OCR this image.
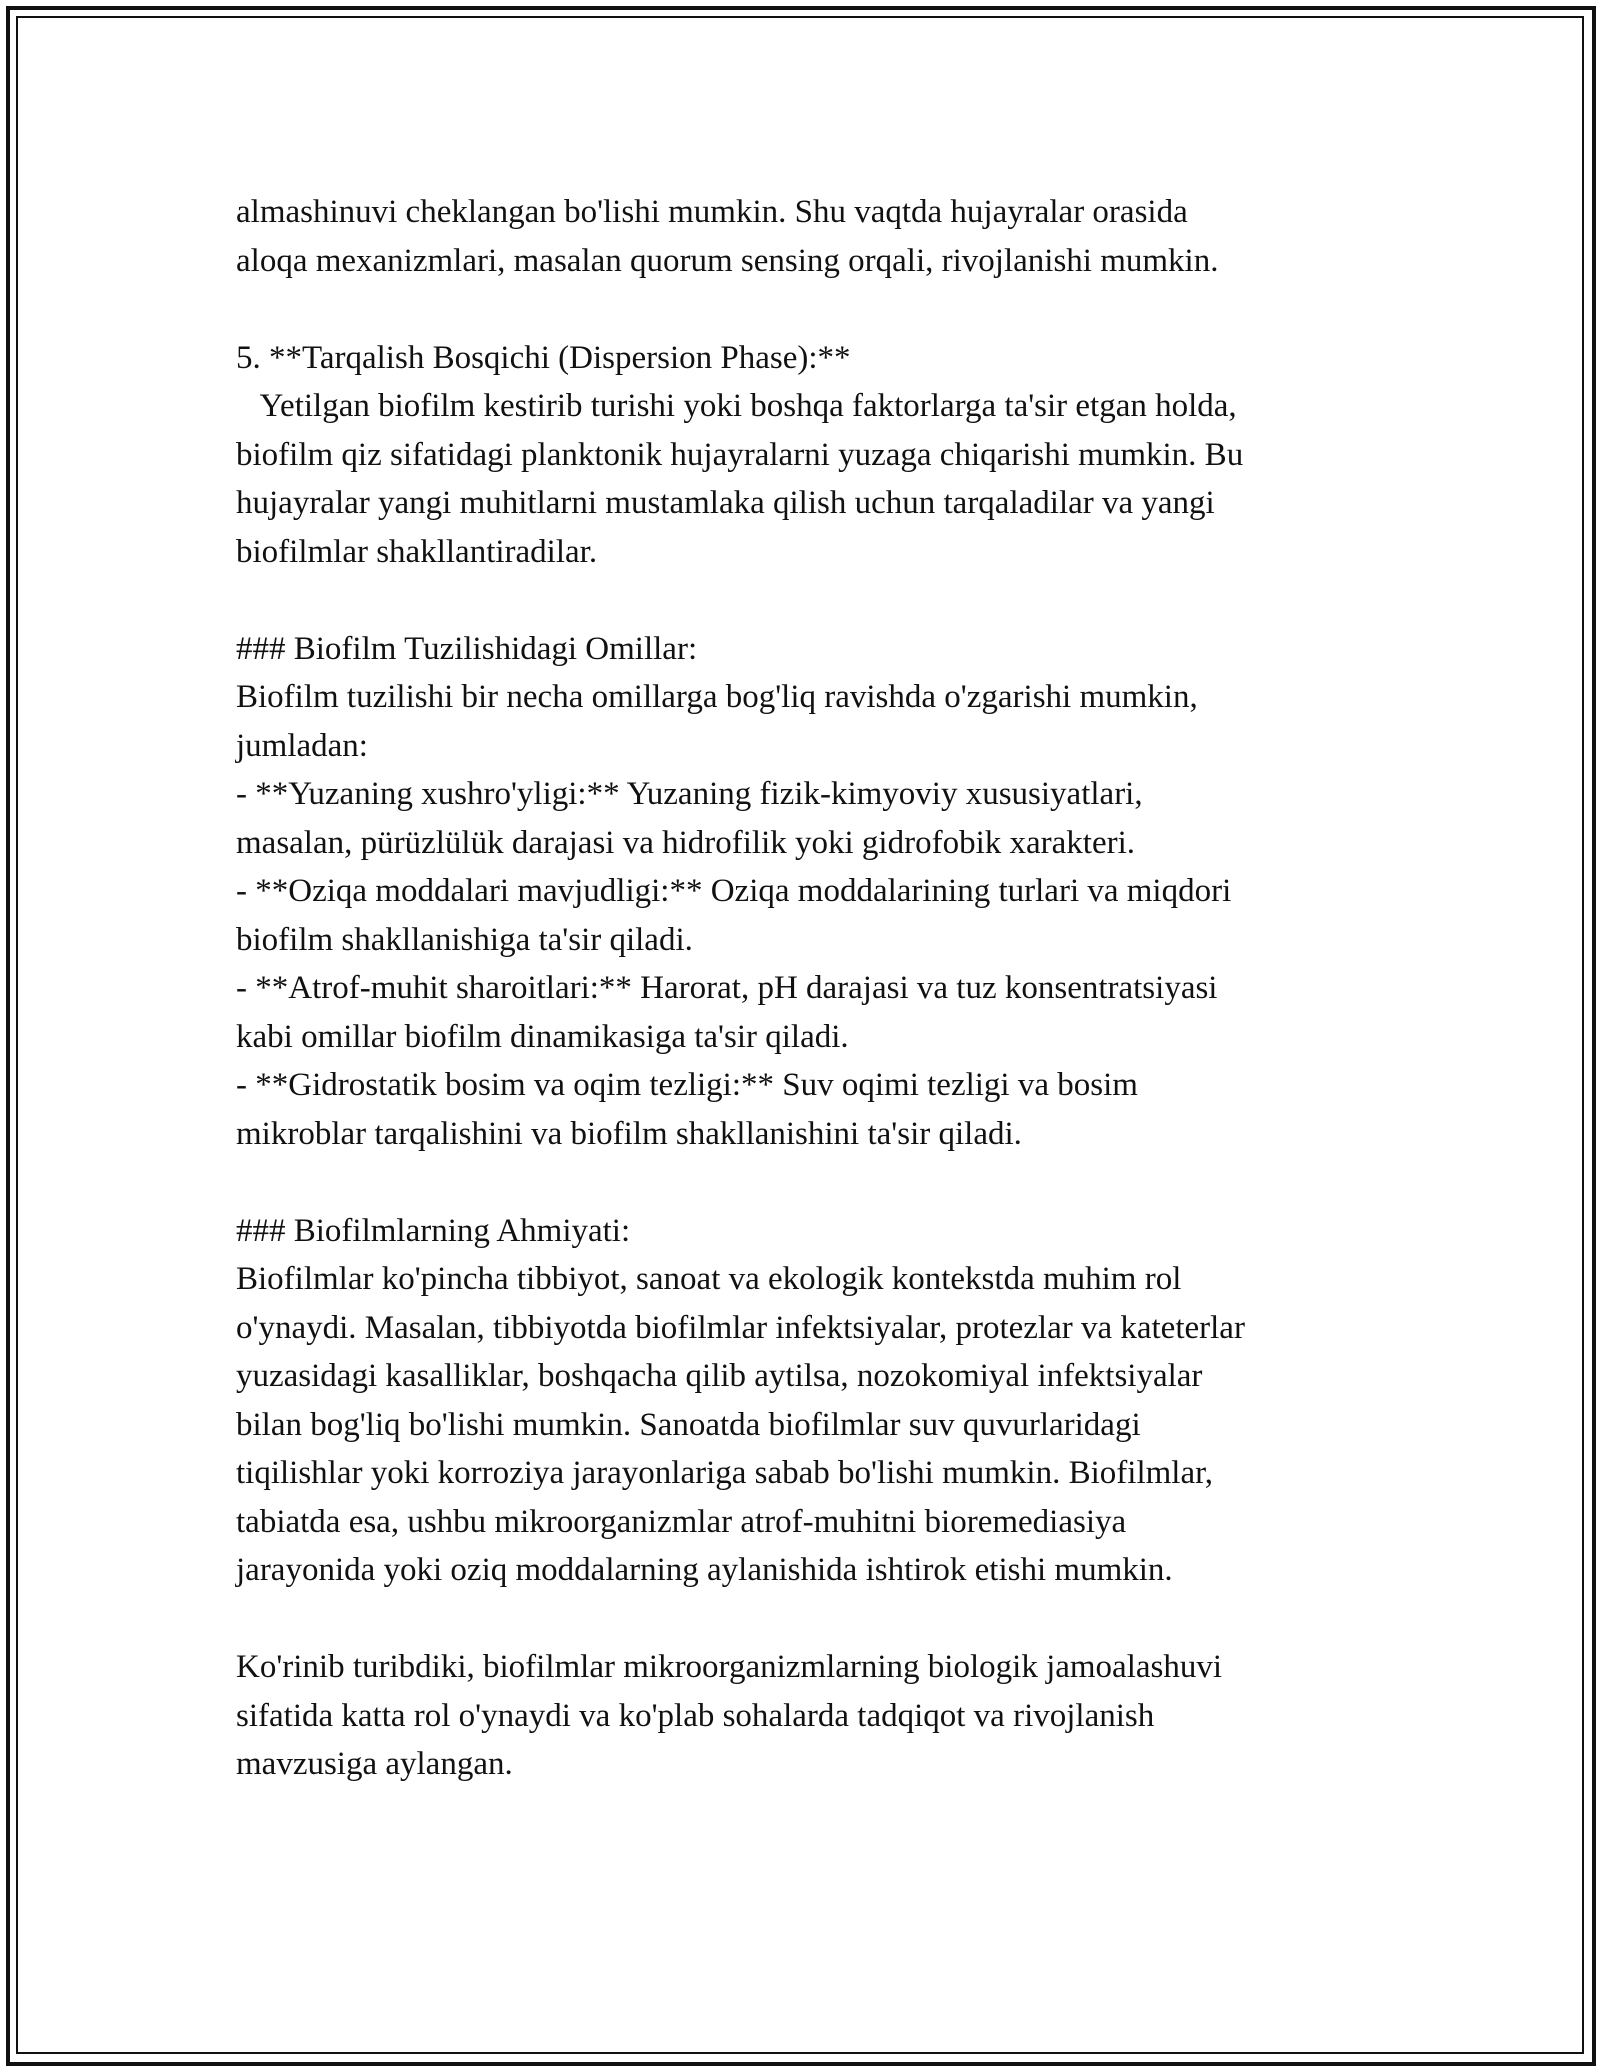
almashinuvi cheklangan bo'lishi mumkin. Shu vaqtda hujayralar orasida
aloqa mexanizmlari, masalan quorum sensing orqali, rivojlanishi mumkin.
5. **Tarqalish Bosqichi (Dispersion Phase):**
Yetilgan biofilm kestirib turishi yoki boshqa faktorlarga ta'sir etgan holda,
biofilm qiz sifatidagi planktonik hujayralarni yuzaga chiqarishi mumkin. Bu
hujayralar yangi muhitlarni mustamlaka qilish uchun tarqaladilar va yangi
biofilmlar shakllantiradilar.
### Biofilm Tuzilishidagi Omillar:
Biofilm tuzilishi bir necha omillarga bog'liq ravishda o'zgarishi mumkin,
jumladan:
- **Yuzaning xushro'yligi:** Yuzaning fizik-kimyoviy xususiyatlari,
masalan, pürüzlülük darajasi va hidrofilik yoki gidrofobik xarakteri.
- **Oziqa moddalari mavjudligi:** Oziqa moddalarining turlari va miqdori
biofilm shakllanishiga ta'sir qiladi.
- **Atrof-muhit sharoitlari:** Harorat, pH darajasi va tuz konsentratsiyasi
kabi omillar biofilm dinamikasiga ta'sir qiladi.
- **Gidrostatik bosim va oqim tezligi:** Suv oqimi tezligi va bosim
mikroblar tarqalishini va biofilm shakllanishini ta'sir qiladi.
### Biofilmlarning Ahmiyati:
Biofilmlar ko'pincha tibbiyot, sanoat va ekologik kontekstda muhim rol
o'ynaydi. Masalan, tibbiyotda biofilmlar infektsiyalar, protezlar va kateterlar
yuzasidagi kasalliklar, boshqacha qilib aytilsa, nozokomiyal infektsiyalar
bilan bog'liq bo'lishi mumkin. Sanoatda biofilmlar suv quvurlaridagi
tiqilishlar yoki korroziya jarayonlariga sabab bo'lishi mumkin. Biofilmlar,
tabiatda esa, ushbu mikroorganizmlar atrof-muhitni bioremediasiya
jarayonida yoki oziq moddalarning aylanishida ishtirok etishi mumkin.
Ko'rinib turibdiki, biofilmlar mikroorganizmlarning biologik jamoalashuvi
sifatida katta rol o'ynaydi va ko'plab sohalarda tadqiqot va rivojlanish
mavzusiga aylangan.
